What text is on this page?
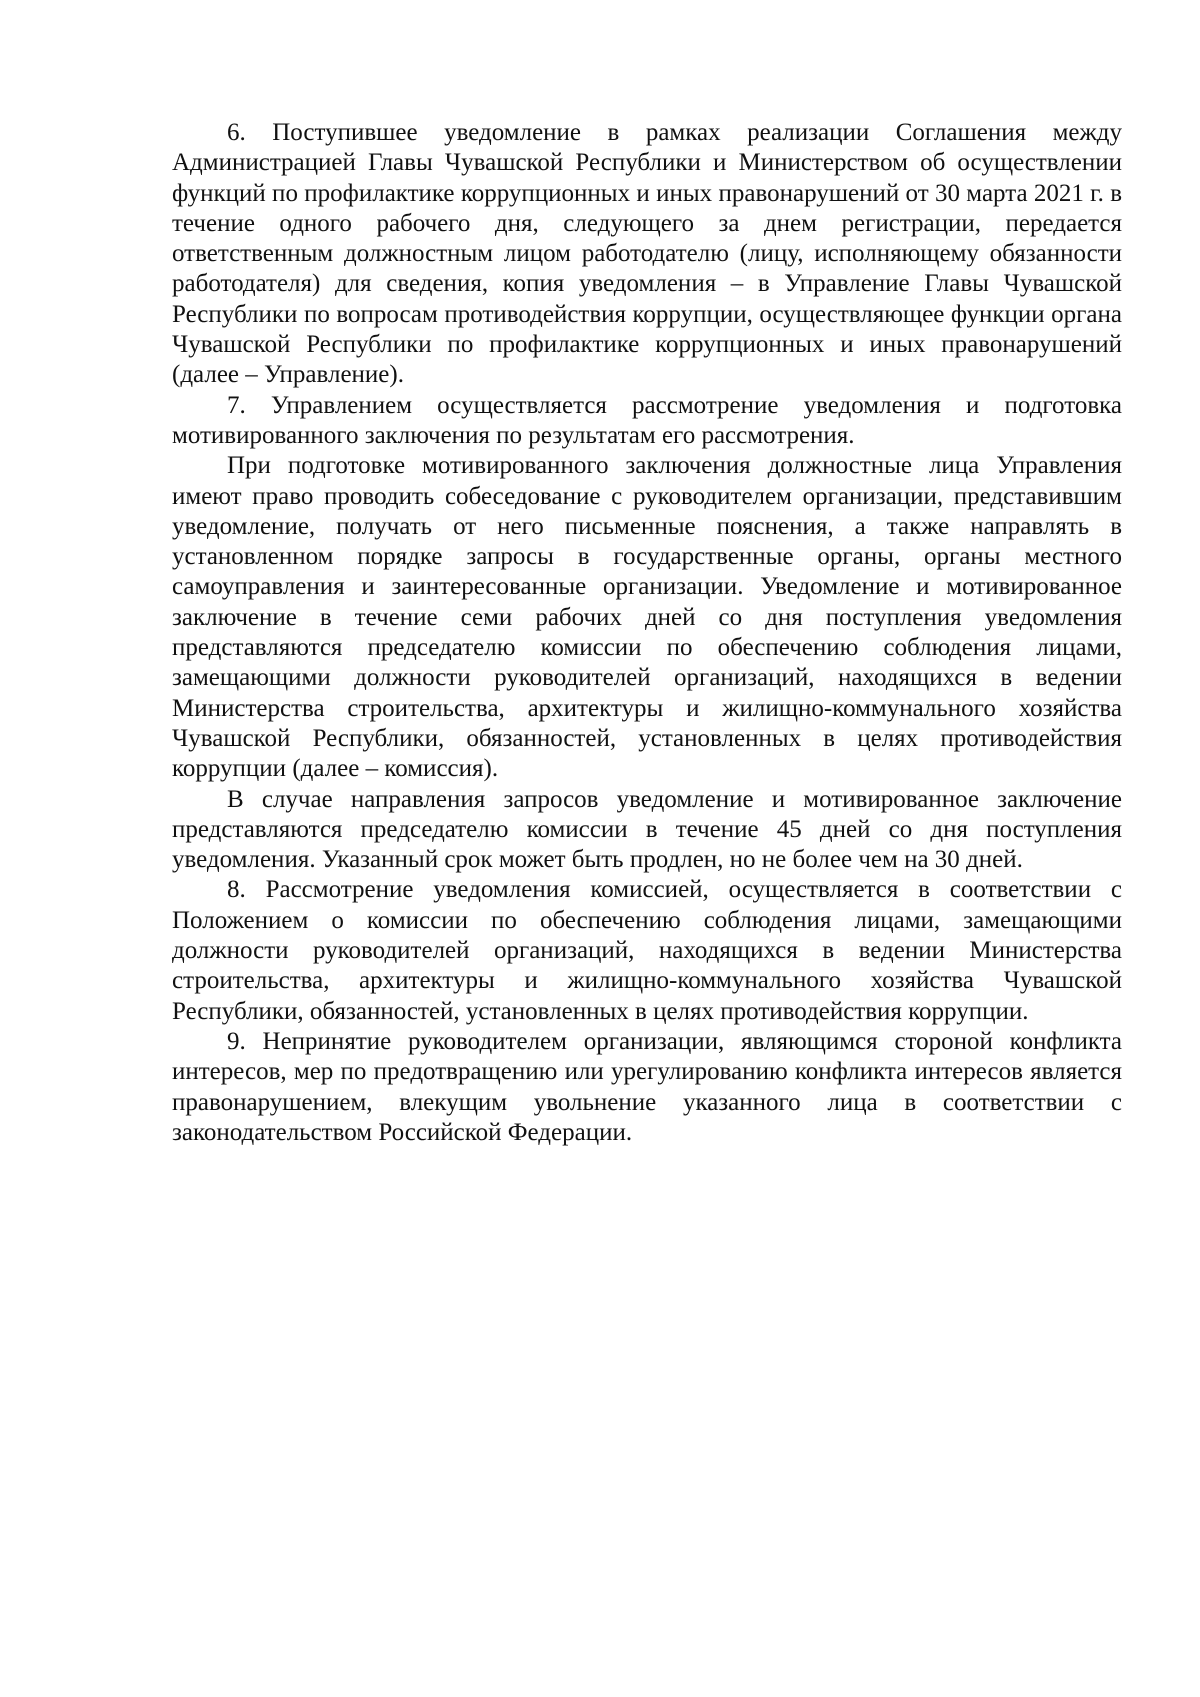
6. Поступившее уведомление в рамках реализации Соглашения между Администрацией Главы Чувашской Республики и Министерством об осуществлении функций по профилактике коррупционных и иных правонарушений от 30 марта 2021 г. в течение одного рабочего дня, следующего за днем регистрации, передается ответственным должностным лицом работодателю (лицу, исполняющему обязанности работодателя) для сведения, копия уведомления – в Управление Главы Чувашской Республики по вопросам противодействия коррупции, осуществляющее функции органа Чувашской Республики по профилактике коррупционных и иных правонарушений (далее – Управление).

7. Управлением осуществляется рассмотрение уведомления и подготовка мотивированного заключения по результатам его рассмотрения.

При подготовке мотивированного заключения должностные лица Управления имеют право проводить собеседование с руководителем организации, представившим уведомление, получать от него письменные пояснения, а также направлять в установленном порядке запросы в государственные органы, органы местного самоуправления и заинтересованные организации. Уведомление и мотивированное заключение в течение семи рабочих дней со дня поступления уведомления представляются председателю комиссии по обеспечению соблюдения лицами, замещающими должности руководителей организаций, находящихся в ведении Министерства строительства, архитектуры и жилищно-коммунального хозяйства Чувашской Республики, обязанностей, установленных в целях противодействия коррупции (далее – комиссия).

В случае направления запросов уведомление и мотивированное заключение представляются председателю комиссии в течение 45 дней со дня поступления уведомления. Указанный срок может быть продлен, но не более чем на 30 дней.

8. Рассмотрение уведомления комиссией, осуществляется в соответствии с Положением о комиссии по обеспечению соблюдения лицами, замещающими должности руководителей организаций, находящихся в ведении Министерства строительства, архитектуры и жилищно-коммунального хозяйства Чувашской Республики, обязанностей, установленных в целях противодействия коррупции.

9. Непринятие руководителем организации, являющимся стороной конфликта интересов, мер по предотвращению или урегулированию конфликта интересов является правонарушением, влекущим увольнение указанного лица в соответствии с законодательством Российской Федерации.
